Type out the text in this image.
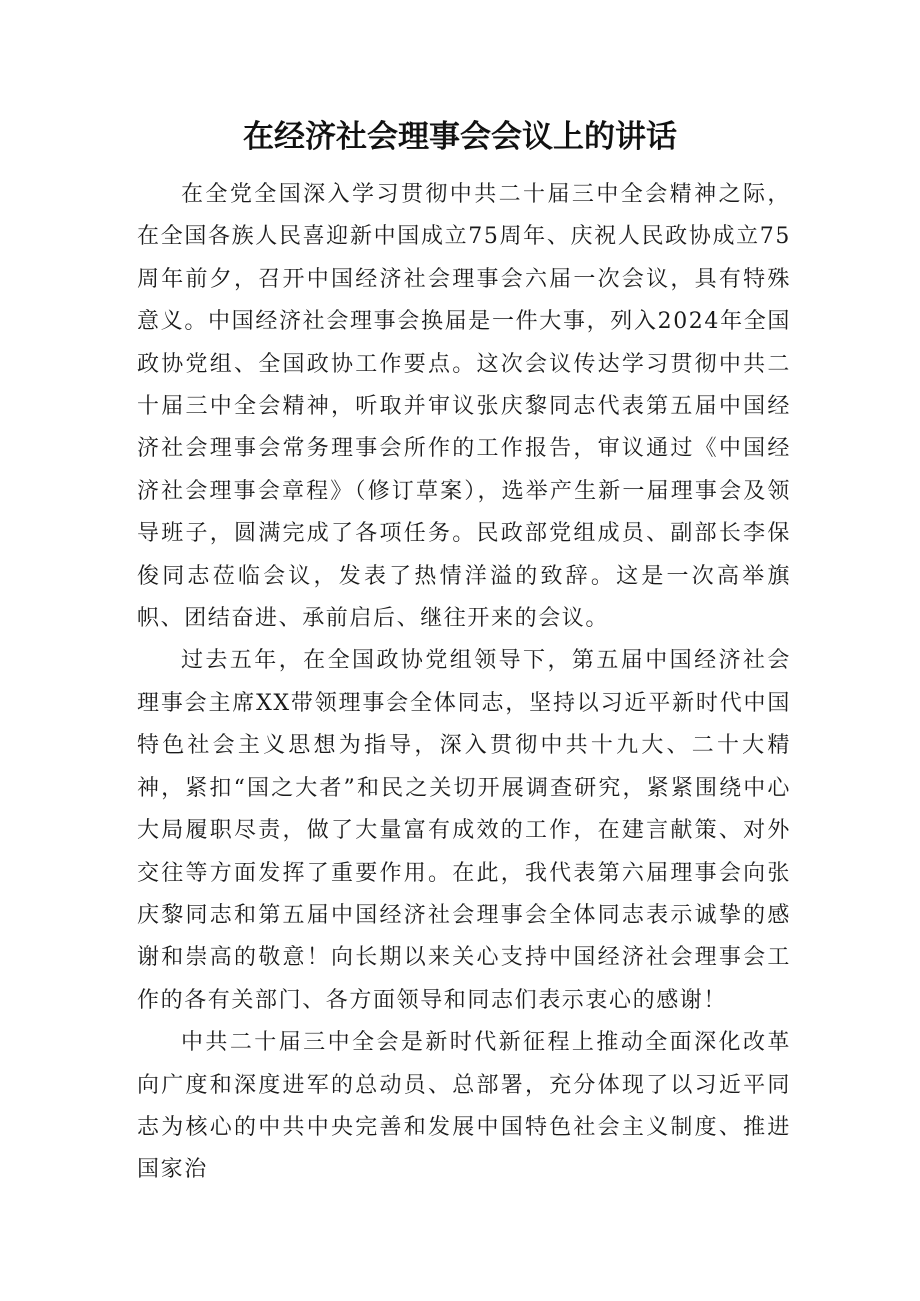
在经济社会理事会会议上的讲话

在全党全国深入学习贯彻中共二十届三中全会精神之际，在全国各族人民喜迎新中国成立75周年、庆祝人民政协成立75周年前夕，召开中国经济社会理事会六届一次会议，具有特殊意义。中国经济社会理事会换届是一件大事，列入2024年全国政协党组、全国政协工作要点。这次会议传达学习贯彻中共二十届三中全会精神，听取并审议张庆黎同志代表第五届中国经济社会理事会常务理事会所作的工作报告，审议通过《中国经济社会理事会章程》（修订草案），选举产生新一届理事会及领导班子，圆满完成了各项任务。民政部党组成员、副部长李保俊同志莅临会议，发表了热情洋溢的致辞。这是一次高举旗帜、团结奋进、承前启后、继往开来的会议。

过去五年，在全国政协党组领导下，第五届中国经济社会理事会主席XX带领理事会全体同志，坚持以习近平新时代中国特色社会主义思想为指导，深入贯彻中共十九大、二十大精神，紧扣“国之大者”和民之关切开展调查研究，紧紧围绕中心大局履职尽责，做了大量富有成效的工作，在建言献策、对外交往等方面发挥了重要作用。在此，我代表第六届理事会向张庆黎同志和第五届中国经济社会理事会全体同志表示诚挚的感谢和崇高的敬意！向长期以来关心支持中国经济社会理事会工作的各有关部门、各方面领导和同志们表示衷心的感谢！

中共二十届三中全会是新时代新征程上推动全面深化改革向广度和深度进军的总动员、总部署，充分体现了以习近平同志为核心的中共中央完善和发展中国特色社会主义制度、推进国家治
